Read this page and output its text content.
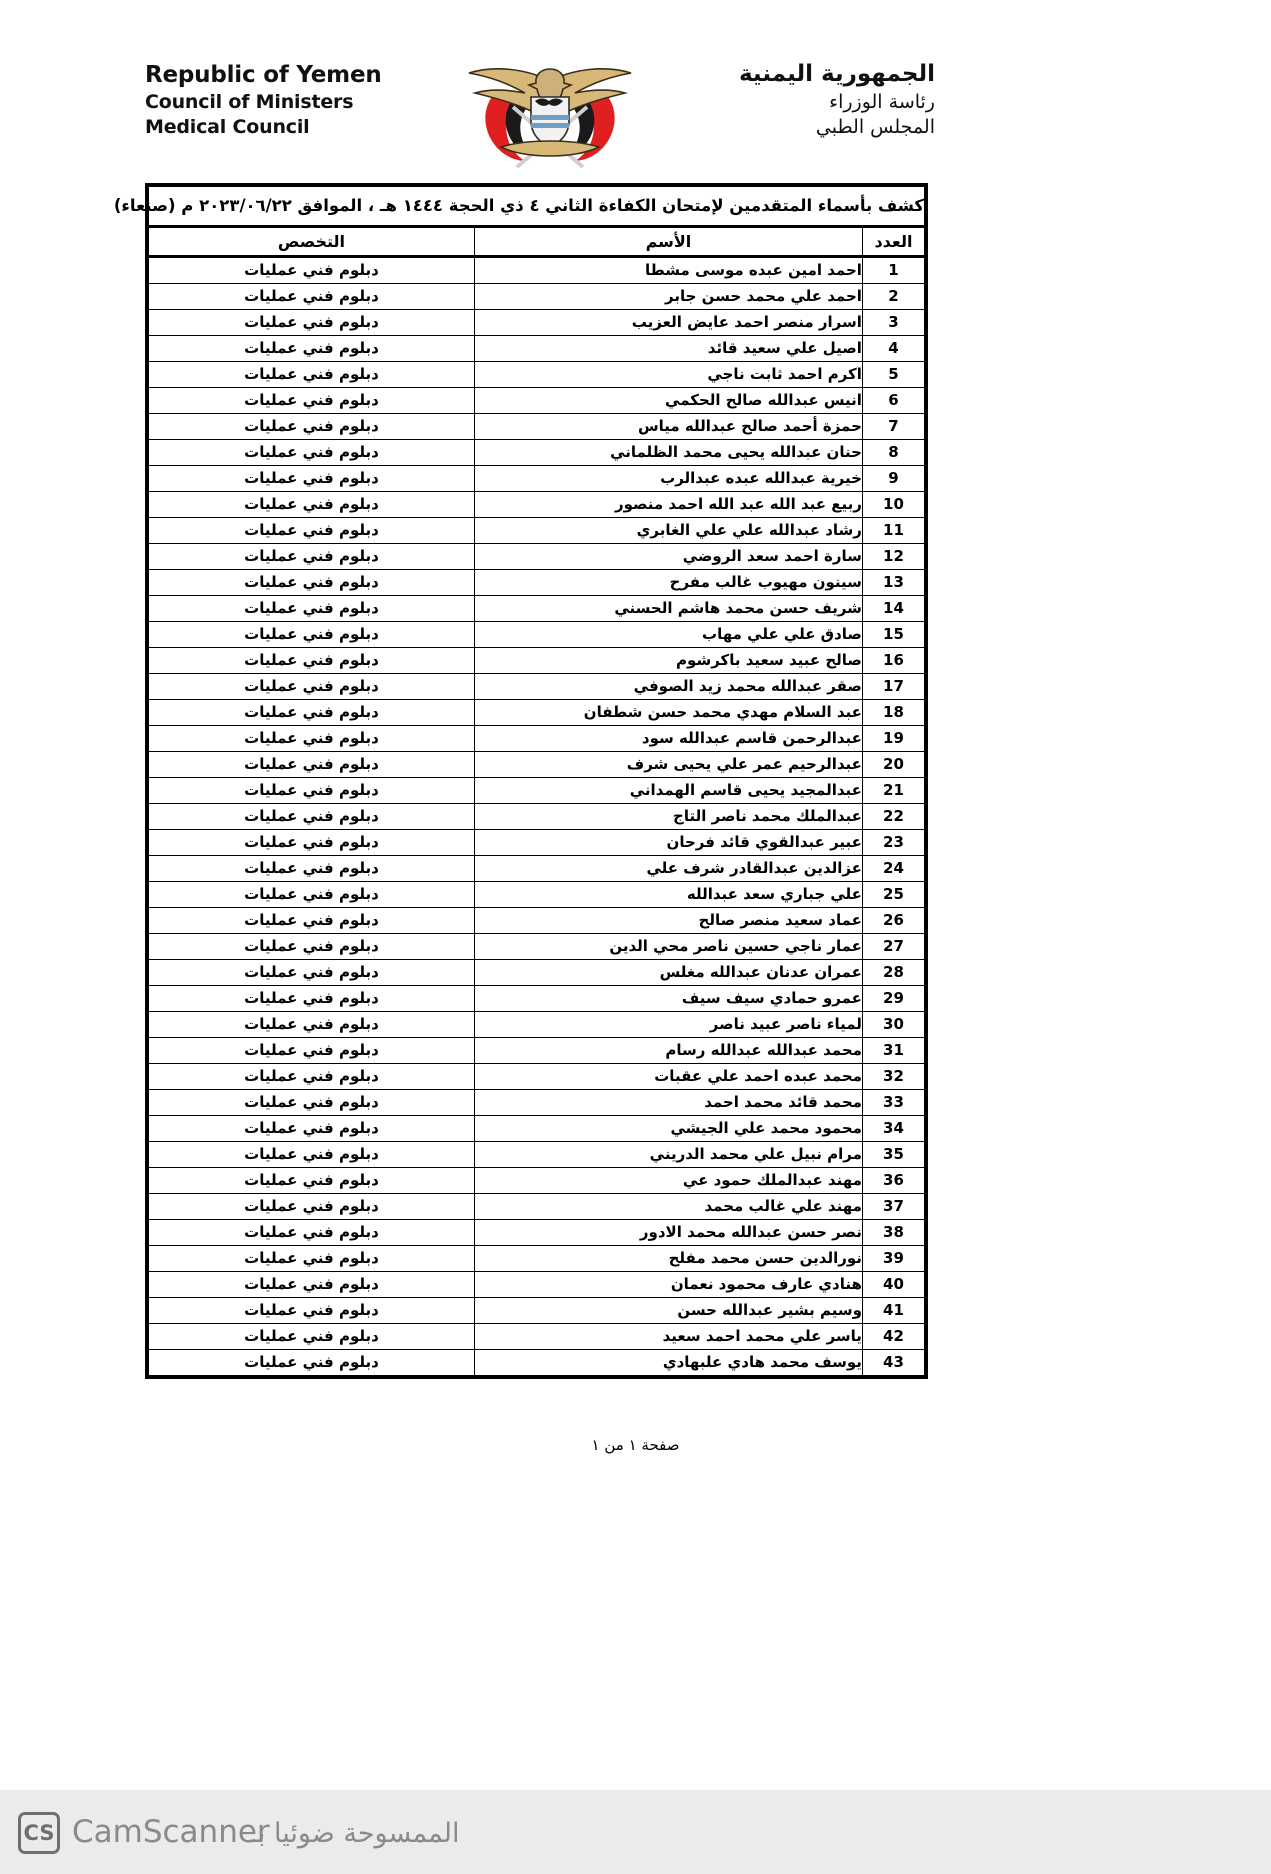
Republic of Yemen
Council of Ministers
Medical Council
الجمهورية اليمنية
رئاسة الوزراء
المجلس الطبي
كشف بأسماء المتقدمين لإمتحان الكفاءة الثاني ٤ ذي الحجة ١٤٤٤ هـ ، الموافق ٢٠٢٣/٠٦/٢٢ م (صنعاء)		
العدد	الأسم	التخصص
1	احمد امين عبده موسى مشطا	دبلوم فني عمليات
2	احمد علي محمد حسن جابر	دبلوم فني عمليات
3	اسرار منصر احمد عايض العزيب	دبلوم فني عمليات
4	اصيل علي سعيد قائد	دبلوم فني عمليات
5	اكرم احمد ثابت ناجي	دبلوم فني عمليات
6	انيس عبدالله صالح الحكمي	دبلوم فني عمليات
7	حمزة أحمد صالح عبدالله مياس	دبلوم فني عمليات
8	حنان عبدالله يحيى محمد الظلماني	دبلوم فني عمليات
9	خيرية عبدالله عبده عبدالرب	دبلوم فني عمليات
10	ربيع عبد الله عبد الله احمد منصور	دبلوم فني عمليات
11	رشاد عبدالله علي علي الغابري	دبلوم فني عمليات
12	سارة احمد سعد الروضي	دبلوم فني عمليات
13	سينون مهيوب غالب مفرح	دبلوم فني عمليات
14	شريف حسن محمد هاشم الحسني	دبلوم فني عمليات
15	صادق علي علي مهاب	دبلوم فني عمليات
16	صالح عبيد سعيد باكرشوم	دبلوم فني عمليات
17	صقر عبدالله محمد زيد الصوفي	دبلوم فني عمليات
18	عبد السلام مهدي محمد حسن شطفان	دبلوم فني عمليات
19	عبدالرحمن قاسم عبدالله سود	دبلوم فني عمليات
20	عبدالرحيم عمر علي يحيى شرف	دبلوم فني عمليات
21	عبدالمجيد يحيى قاسم الهمداني	دبلوم فني عمليات
22	عبدالملك محمد ناصر التاج	دبلوم فني عمليات
23	عبير عبدالقوي قائد فرحان	دبلوم فني عمليات
24	عزالدين عبدالقادر شرف علي	دبلوم فني عمليات
25	علي جباري سعد عبدالله	دبلوم فني عمليات
26	عماد سعيد منصر صالح	دبلوم فني عمليات
27	عمار ناجي حسين ناصر محي الدين	دبلوم فني عمليات
28	عمران عدنان عبدالله مغلس	دبلوم فني عمليات
29	عمرو حمادي سيف سيف	دبلوم فني عمليات
30	لمياء ناصر عبيد ناصر	دبلوم فني عمليات
31	محمد عبدالله عبدالله رسام	دبلوم فني عمليات
32	محمد عبده احمد علي عقبات	دبلوم فني عمليات
33	محمد قائد محمد احمد	دبلوم فني عمليات
34	محمود محمد علي الجيشي	دبلوم فني عمليات
35	مرام نبيل علي محمد الدريني	دبلوم فني عمليات
36	مهند عبدالملك حمود عي	دبلوم فني عمليات
37	مهند علي غالب محمد	دبلوم فني عمليات
38	نصر حسن عبدالله محمد الادور	دبلوم فني عمليات
39	نورالدين حسن محمد مفلح	دبلوم فني عمليات
40	هنادي عارف محمود نعمان	دبلوم فني عمليات
41	وسيم بشير عبدالله حسن	دبلوم فني عمليات
42	ياسر علي محمد احمد سعيد	دبلوم فني عمليات
43	يوسف محمد هادي علبهادي	دبلوم فني عمليات
صفحة ١ من ١
CS CamScanner
الممسوحة ضوئيا بـ
